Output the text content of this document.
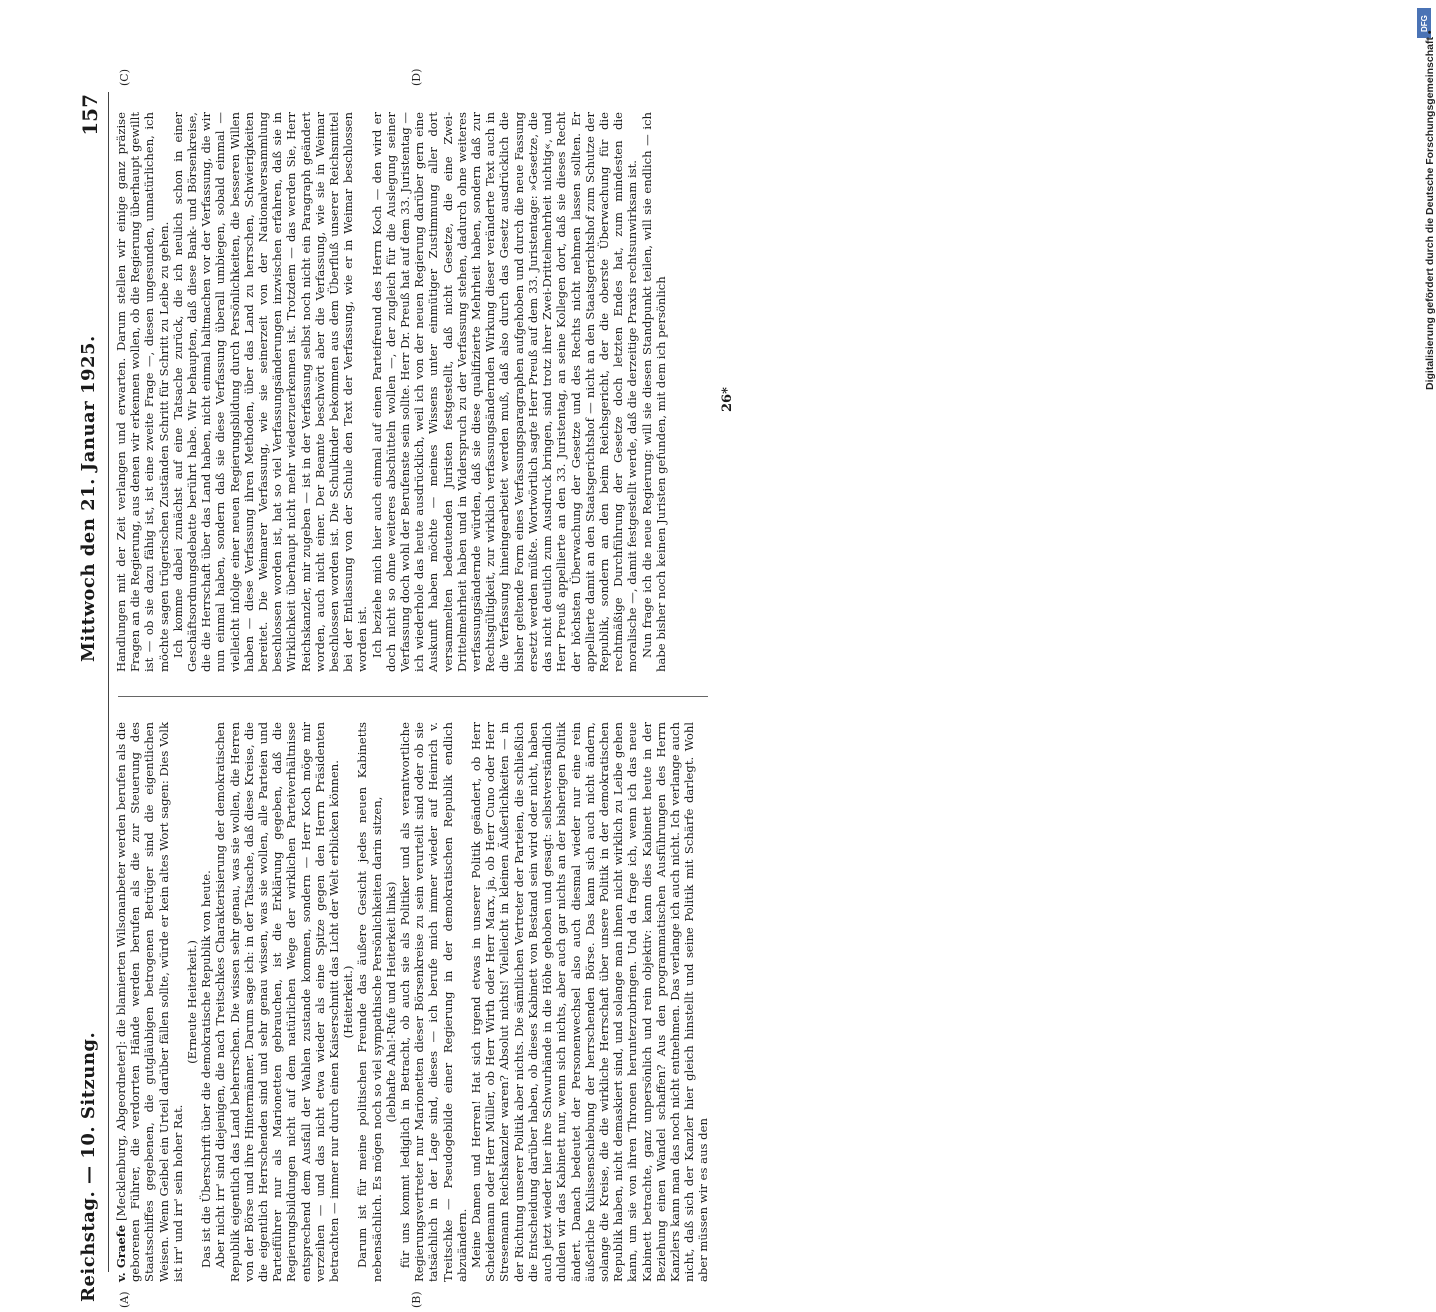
Reichstag. — 10. Sitzung.
Mittwoch den 21. Januar 1925.
157
(A)	(B)
(C)	(D)

v. Graefe [Mecklenburg, Abgeordneter]: die blamierten Wilsonanbeter werden berufen als die geborenen Führer, die verdorrten Hände werden berufen als die zur Steuerung des Staatsschiffes gegebenen, die gutgläubigen betrogenen Betrüger sind die eigentlichen Weisen. Wenn Geibel ein Urteil darüber fällen sollte, würde er kein altes Wort sagen: Dies Volk ist irr' und irr' sein hoher Rat.

(Erneute Heiterkeit.) Das ist die Überschrift über die demokratische Republik von heute. Aber nicht irr' sind diejenigen, die nach Treitschkes Charakterisierung der demokratischen Republik eigentlich das Land beherrschen. Die wissen sehr genau, was sie wollen, die Herren von der Börse und ihre Hintermänner. Darum sage ich: in der Tatsache, daß diese Kreise, die die eigentlich Herrschenden sind und sehr genau wissen, was sie wollen, alle Parteien und Parteiführer nur als Marionetten gebrauchen, ist die Erklärung gegeben, daß die Regierungsbildungen nicht auf dem natürlichen Wege der wirklichen Parteiverhältnisse entsprechend dem Ausfall der Wahlen zustande kommen, sondern — Herr Koch möge mir verzeihen — und das nicht etwa wieder als eine Spitze gegen den Herrn Präsidenten betrachten — immer nur durch einen Kaiserschnitt das Licht der Welt erblicken können. (Heiterkeit.) Darum ist für meine politischen Freunde das äußere Gesicht jedes neuen Kabinetts nebensächlich. Es mögen noch so viel sympathische Persönlichkeiten darin sitzen, (lebhafte Aha!-Rufe und Heiterkeit links) für uns kommt lediglich in Betracht, ob auch sie als Politiker und als verantwortliche Regierungsvertreter nur Marionetten dieser Börsenkreise zu sein verurteilt sind oder ob sie tatsächlich in der Lage sind, dieses — ich berufe mich immer wieder auf Heinrich v. Treitschke — Pseudogebilde einer Regierung in der demokratischen Republik endlich abzuändern. Meine Damen und Herren! Hat sich irgend etwas in unserer Politik geändert, ob Herr Scheidemann oder Herr Müller, ob Herr Wirth oder Herr Marx, ja, ob Herr Cuno oder Herr Stresemann Reichskanzler waren? Absolut nichts! Vielleicht in kleinen Äußerlichkeiten — in der Richtung unserer Politik aber nichts. Die sämtlichen Vertreter der Parteien, die schließlich die Entscheidung darüber haben, ob dieses Kabinett von Bestand sein wird oder nicht, haben auch jetzt wieder hier ihre Schwurhände in die Höhe gehoben und gesagt: selbstverständlich dulden wir das Kabinett nur, wenn sich nichts, aber auch gar nichts an der bisherigen Politik ändert. Danach bedeutet der Personenwechsel also auch diesmal wieder nur eine rein äußerliche Kulissenschiebung der herrschenden Börse. Das kann sich auch nicht ändern, solange die Kreise, die die wirkliche Herrschaft über unsere Politik in der demokratischen Republik haben, nicht demaskiert sind, und solange man ihnen nicht wirklich zu Leibe gehen kann, um sie von ihren Thronen herunterzubringen. Und da frage ich, wenn ich das neue Kabinett betrachte, ganz unpersönlich und rein objektiv: kann dies Kabinett heute in der Beziehung einen Wandel schaffen? Aus den programmatischen Ausführungen des Herrn Kanzlers kann man das noch nicht entnehmen. Das verlange ich auch nicht. Ich verlange auch nicht, daß sich der Kanzler hier gleich hinstellt und seine Politik mit Schärfe darlegt. Wohl aber müssen wir es aus den

Handlungen mit der Zeit verlangen und erwarten. Darum stellen wir einige ganz präzise Fragen an die Regierung, aus denen wir erkennen wollen, ob die Regierung überhaupt gewillt ist — ob sie dazu fähig ist, ist eine zweite Frage —, diesen ungesunden, unnatürlichen, ich möchte sagen trügerischen Zuständen Schritt für Schritt zu Leibe zu gehen. Ich komme dabei zunächst auf eine Tatsache zurück, die ich neulich schon in einer Geschäftsordnungsdebatte berührt habe. Wir behaupten, daß diese Bank- und Börsenkreise, die die Herrschaft über das Land haben, nicht einmal haltmachen vor der Verfassung, die wir nun einmal haben, sondern daß sie diese Verfassung überall umbiegen, sobald einmal — vielleicht infolge einer neuen Regierungsbildung durch Persönlichkeiten, die besseren Willen haben — diese Verfassung ihren Methoden, über das Land zu herrschen, Schwierigkeiten bereitet. Die Weimarer Verfassung, wie sie seinerzeit von der Nationalversammlung beschlossen worden ist, hat so viel Verfassungsänderungen inzwischen erfahren, daß sie in Wirklichkeit überhaupt nicht mehr wiederzuerkennen ist. Trotzdem — das werden Sie, Herr Reichskanzler, mir zugeben — ist in der Verfassung selbst noch nicht ein Paragraph geändert worden, auch nicht einer. Der Beamte beschwört aber die Verfassung, wie sie in Weimar beschlossen worden ist. Die Schulkinder bekommen aus dem Überfluß unserer Reichsmittel bei der Entlassung von der Schule den Text der Verfassung, wie er in Weimar beschlossen worden ist. Ich beziehe mich hier auch einmal auf einen Parteifreund des Herrn Koch — den wird er doch nicht so ohne weiteres abschütteln wollen —, der zugleich für die Auslegung seiner Verfassung doch wohl der Berufenste sein sollte. Herr Dr. Preuß hat auf dem 33. Juristentag — ich wiederhole das heute ausdrücklich, weil ich von der neuen Regierung darüber gern eine Auskunft haben möchte — meines Wissens unter einmütiger Zustimmung aller dort versammelten bedeutenden Juristen festgestellt, daß nicht Gesetze, die eine Zwei-Drittelmehrheit haben und in Widerspruch zu der Verfassung stehen, dadurch ohne weiteres verfassungsändernde würden, daß sie diese qualifizierte Mehrheit haben, sondern daß zur Rechtsgültigkeit, zur wirklich verfassungsändernden Wirkung dieser veränderte Text auch in die Verfassung hineingearbeitet werden muß, daß also durch das Gesetz ausdrücklich die bisher geltende Form eines Verfassungsparagraphen aufgehoben und durch die neue Fassung ersetzt werden müßte. Wortwörtlich sagte Herr Preuß auf dem 33. Juristentage: »Gesetze, die das nicht deutlich zum Ausdruck bringen, sind trotz ihrer Zwei-Drittelmehrheit nichtig«, und Herr Preuß appellierte an den 33. Juristentag, an seine Kollegen dort, daß sie dieses Recht der höchsten Überwachung der Gesetze und des Rechts nicht nehmen lassen sollten. Er appellierte damit an den Staatsgerichtshof — nicht an den Staatsgerichtshof zum Schutze der Republik, sondern an den beim Reichsgericht, der die oberste Überwachung für die rechtmäßige Durchführung der Gesetze doch letzten Endes hat, zum mindesten die moralische —, damit festgestellt werde, daß die derzeitige Praxis rechtsunwirksam ist. Nun frage ich die neue Regierung: will sie diesen Standpunkt teilen, will sie endlich — ich habe bisher noch keinen Juristen gefunden, mit dem ich persönlich	26*
DFG
Digitalisierung gefördert durch die Deutsche Forschungsgemeinschaft •
